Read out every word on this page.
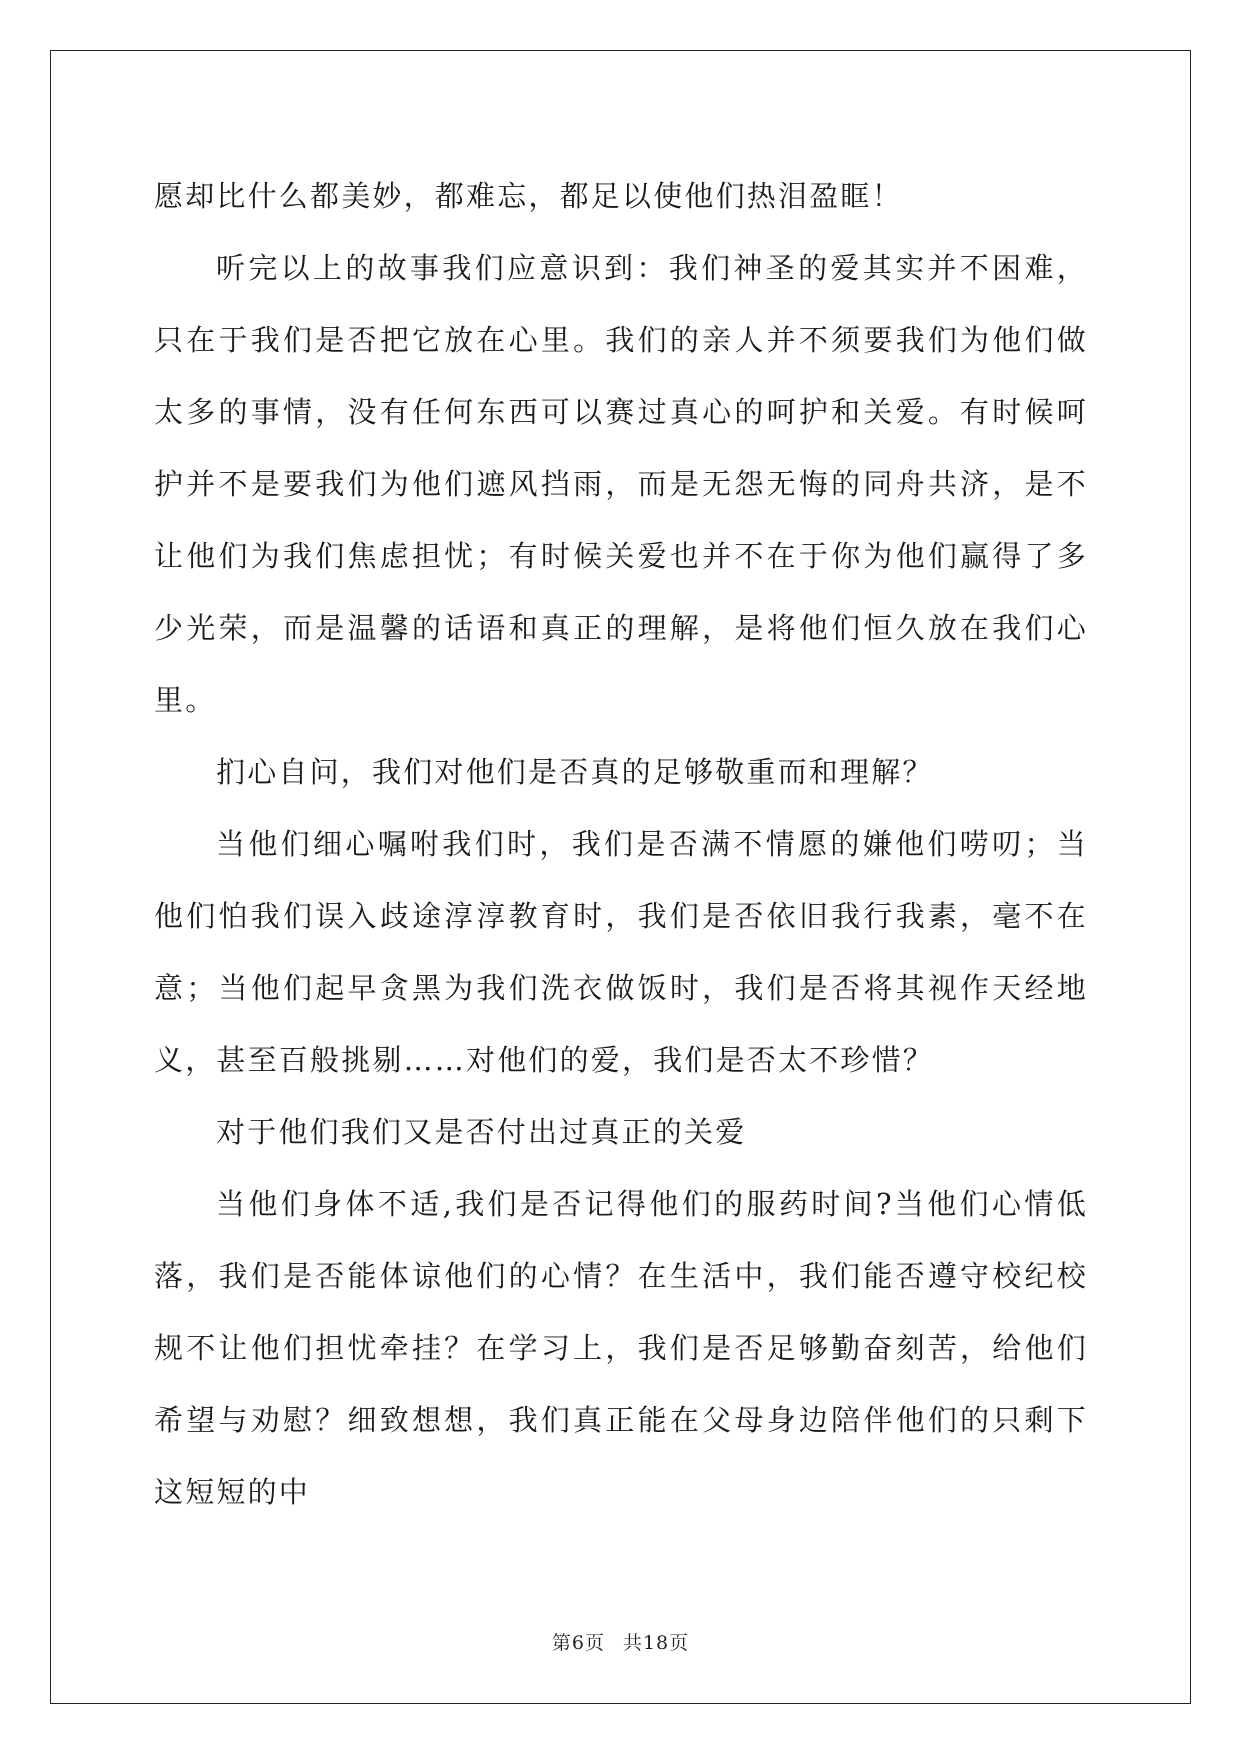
愿却比什么都美妙，都难忘，都足以使他们热泪盈眶！

听完以上的故事我们应意识到：我们神圣的爱其实并不困难，只在于我们是否把它放在心里。我们的亲人并不须要我们为他们做太多的事情，没有任何东西可以赛过真心的呵护和关爱。有时候呵护并不是要我们为他们遮风挡雨，而是无怨无悔的同舟共济，是不让他们为我们焦虑担忧；有时候关爱也并不在于你为他们赢得了多少光荣，而是温馨的话语和真正的理解，是将他们恒久放在我们心里。

扪心自问，我们对他们是否真的足够敬重而和理解？

当他们细心嘱咐我们时，我们是否满不情愿的嫌他们唠叨；当他们怕我们误入歧途淳淳教育时，我们是否依旧我行我素，毫不在意；当他们起早贪黑为我们洗衣做饭时，我们是否将其视作天经地义，甚至百般挑剔……对他们的爱，我们是否太不珍惜？

对于他们我们又是否付出过真正的关爱

当他们身体不适,我们是否记得他们的服药时间?当他们心情低落，我们是否能体谅他们的心情？在生活中，我们能否遵守校纪校规不让他们担忧牵挂？在学习上，我们是否足够勤奋刻苦，给他们希望与劝慰？细致想想，我们真正能在父母身边陪伴他们的只剩下这短短的中

第6页 共18页
